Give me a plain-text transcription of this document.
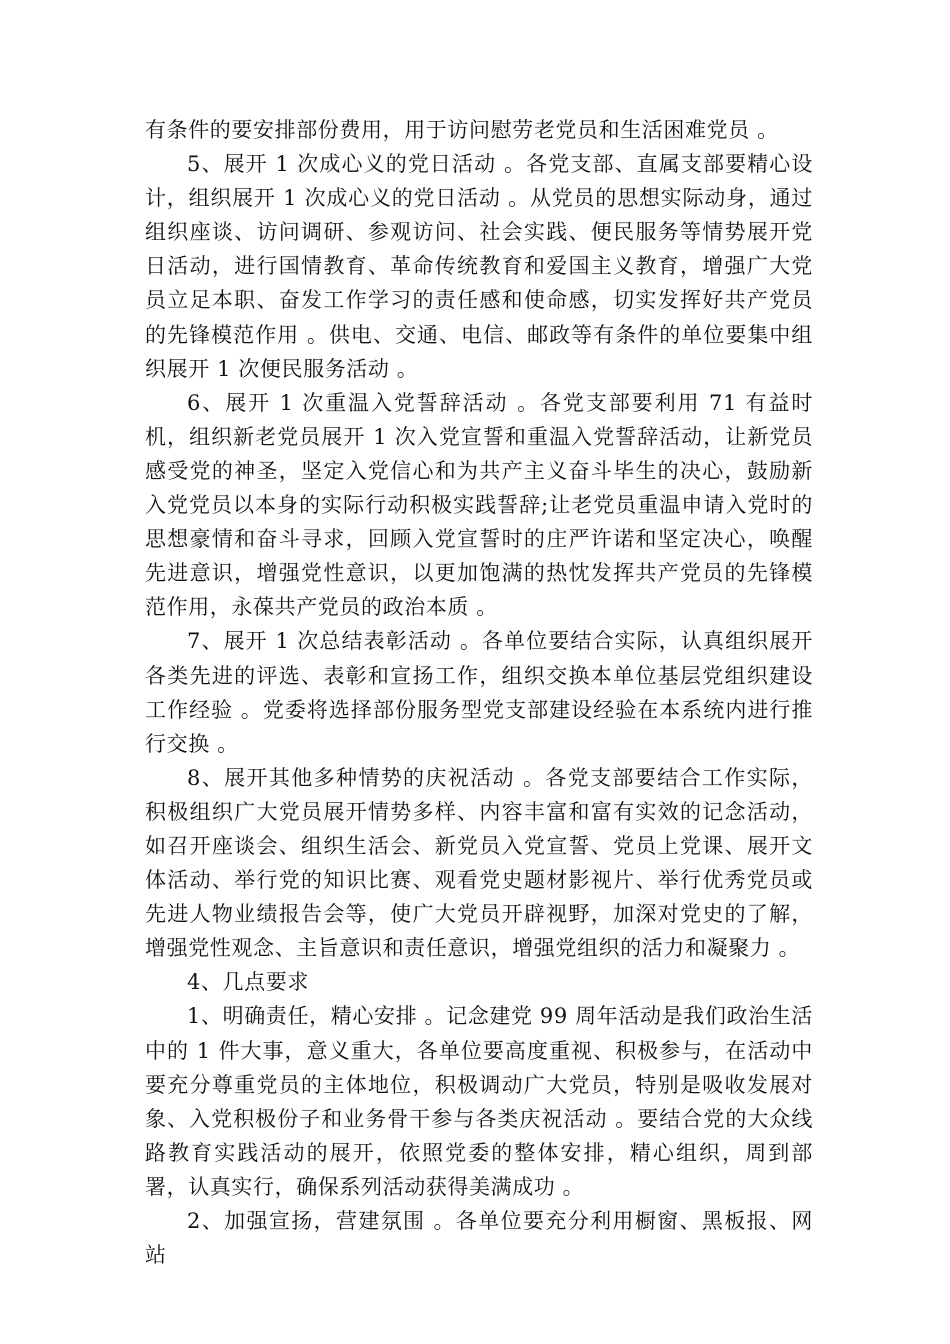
有条件的要安排部份费用，用于访问慰劳老党员和生活困难党员 。

5、展开 1 次成心义的党日活动 。各党支部、直属支部要精心设计，组织展开 1 次成心义的党日活动 。从党员的思想实际动身，通过组织座谈、访问调研、参观访问、社会实践、便民服务等情势展开党日活动，进行国情教育、革命传统教育和爱国主义教育，增强广大党员立足本职、奋发工作学习的责任感和使命感，切实发挥好共产党员的先锋模范作用 。供电、交通、电信、邮政等有条件的单位要集中组织展开 1 次便民服务活动 。

6、展开 1 次重温入党誓辞活动 。各党支部要利用 71 有益时机，组织新老党员展开 1 次入党宣誓和重温入党誓辞活动，让新党员感受党的神圣，坚定入党信心和为共产主义奋斗毕生的决心，鼓励新入党党员以本身的实际行动积极实践誓辞;让老党员重温申请入党时的思想豪情和奋斗寻求，回顾入党宣誓时的庄严许诺和坚定决心，唤醒先进意识，增强党性意识，以更加饱满的热忱发挥共产党员的先锋模范作用，永葆共产党员的政治本质 。

7、展开 1 次总结表彰活动 。各单位要结合实际，认真组织展开各类先进的评选、表彰和宣扬工作，组织交换本单位基层党组织建设工作经验 。党委将选择部份服务型党支部建设经验在本系统内进行推行交换 。

8、展开其他多种情势的庆祝活动 。各党支部要结合工作实际，积极组织广大党员展开情势多样、内容丰富和富有实效的记念活动，如召开座谈会、组织生活会、新党员入党宣誓、党员上党课、展开文体活动、举行党的知识比赛、观看党史题材影视片、举行优秀党员或先进人物业绩报告会等，使广大党员开辟视野，加深对党史的了解，增强党性观念、主旨意识和责任意识，增强党组织的活力和凝聚力 。

4、几点要求

1、明确责任，精心安排 。记念建党 99 周年活动是我们政治生活中的 1 件大事，意义重大，各单位要高度重视、积极参与，在活动中要充分尊重党员的主体地位，积极调动广大党员，特别是吸收发展对象、入党积极份子和业务骨干参与各类庆祝活动 。要结合党的大众线路教育实践活动的展开，依照党委的整体安排，精心组织，周到部署，认真实行，确保系列活动获得美满成功 。

2、加强宣扬，营建氛围 。各单位要充分利用橱窗、黑板报、网站
